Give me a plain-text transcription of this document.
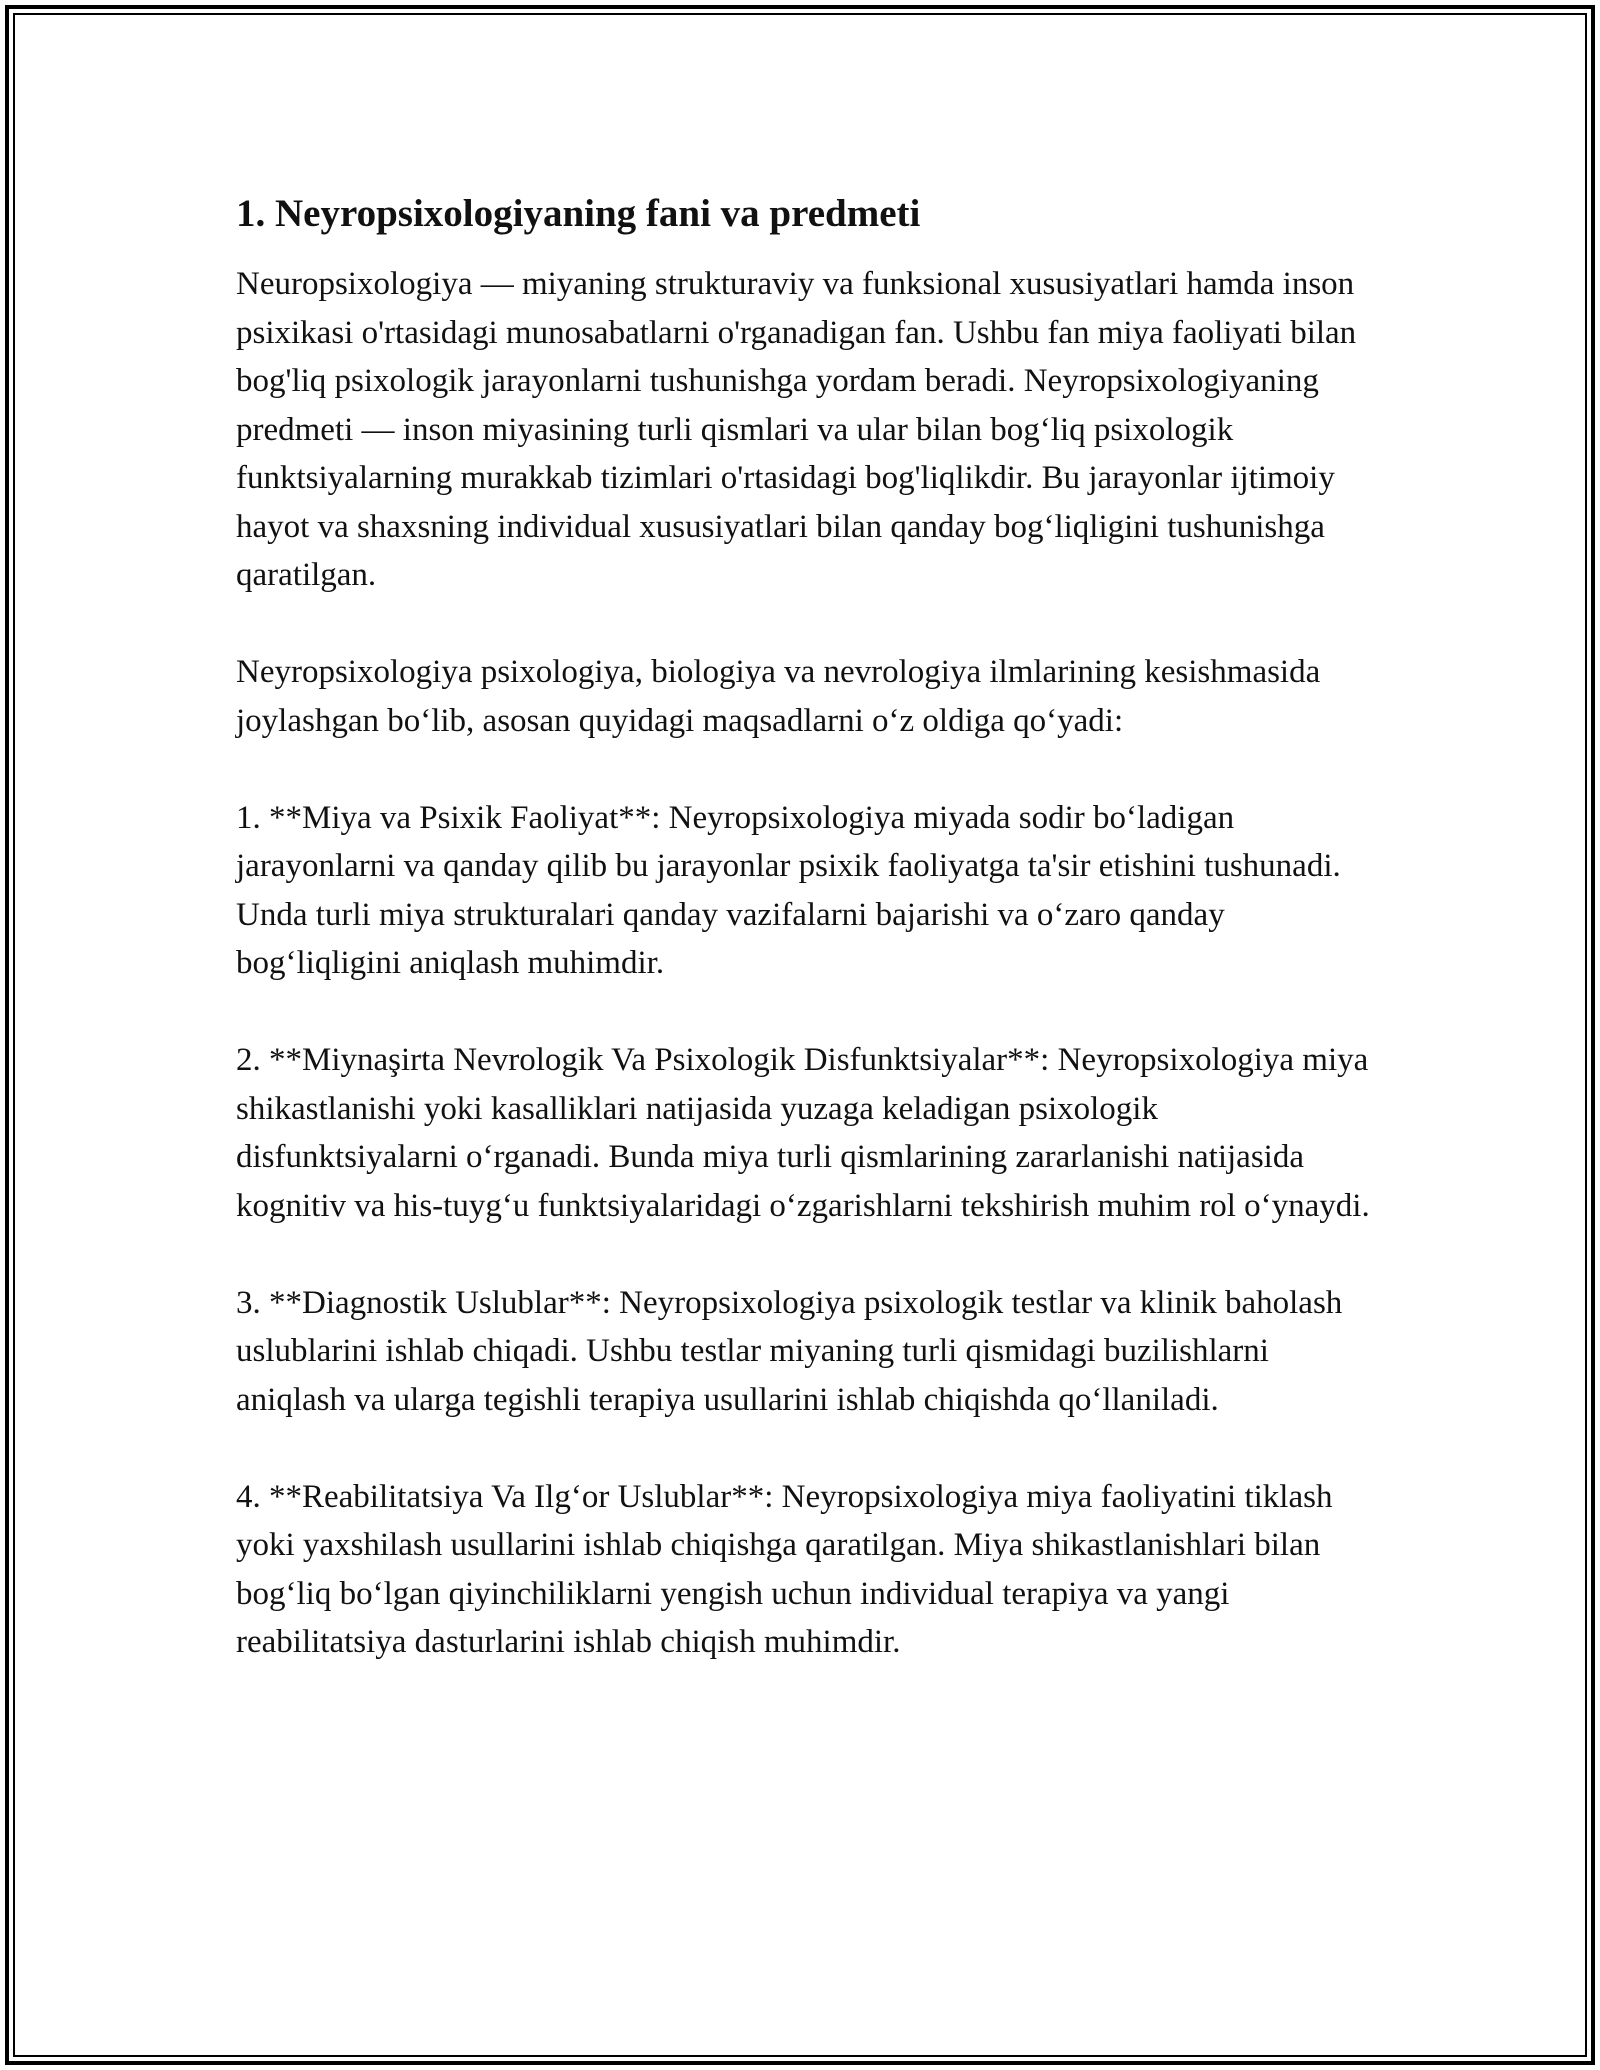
1. Neyropsixologiyaning fani va predmeti

Neuropsixologiya — miyaning strukturaviy va funksional xususiyatlari hamda inson psixikasi o'rtasidagi munosabatlarni o'rganadigan fan. Ushbu fan miya faoliyati bilan bog'liq psixologik jarayonlarni tushunishga yordam beradi. Neyropsixologiyaning predmeti — inson miyasining turli qismlari va ular bilan bog‘liq psixologik funktsiyalarning murakkab tizimlari o'rtasidagi bog'liqlikdir. Bu jarayonlar ijtimoiy hayot va shaxsning individual xususiyatlari bilan qanday bog‘liqligini tushunishga qaratilgan.

Neyropsixologiya psixologiya, biologiya va nevrologiya ilmlarining kesishmasida joylashgan bo‘lib, asosan quyidagi maqsadlarni o‘z oldiga qo‘yadi:

1. **Miya va Psixik Faoliyat**: Neyropsixologiya miyada sodir bo‘ladigan jarayonlarni va qanday qilib bu jarayonlar psixik faoliyatga ta'sir etishini tushunadi. Unda turli miya strukturalari qanday vazifalarni bajarishi va o‘zaro qanday bog‘liqligini aniqlash muhimdir.

2. **Miynaşirta Nevrologik Va Psixologik Disfunktsiyalar**: Neyropsixologiya miya shikastlanishi yoki kasalliklari natijasida yuzaga keladigan psixologik disfunktsiyalarni o‘rganadi. Bunda miya turli qismlarining zararlanishi natijasida kognitiv va his-tuyg‘u funktsiyalaridagi o‘zgarishlarni tekshirish muhim rol o‘ynaydi.

3. **Diagnostik Uslublar**: Neyropsixologiya psixologik testlar va klinik baholash uslublarini ishlab chiqadi. Ushbu testlar miyaning turli qismidagi buzilishlarni aniqlash va ularga tegishli terapiya usullarini ishlab chiqishda qo‘llaniladi.

4. **Reabilitatsiya Va Ilg‘or Uslublar**: Neyropsixologiya miya faoliyatini tiklash yoki yaxshilash usullarini ishlab chiqishga qaratilgan. Miya shikastlanishlari bilan bog‘liq bo‘lgan qiyinchiliklarni yengish uchun individual terapiya va yangi reabilitatsiya dasturlarini ishlab chiqish muhimdir.
